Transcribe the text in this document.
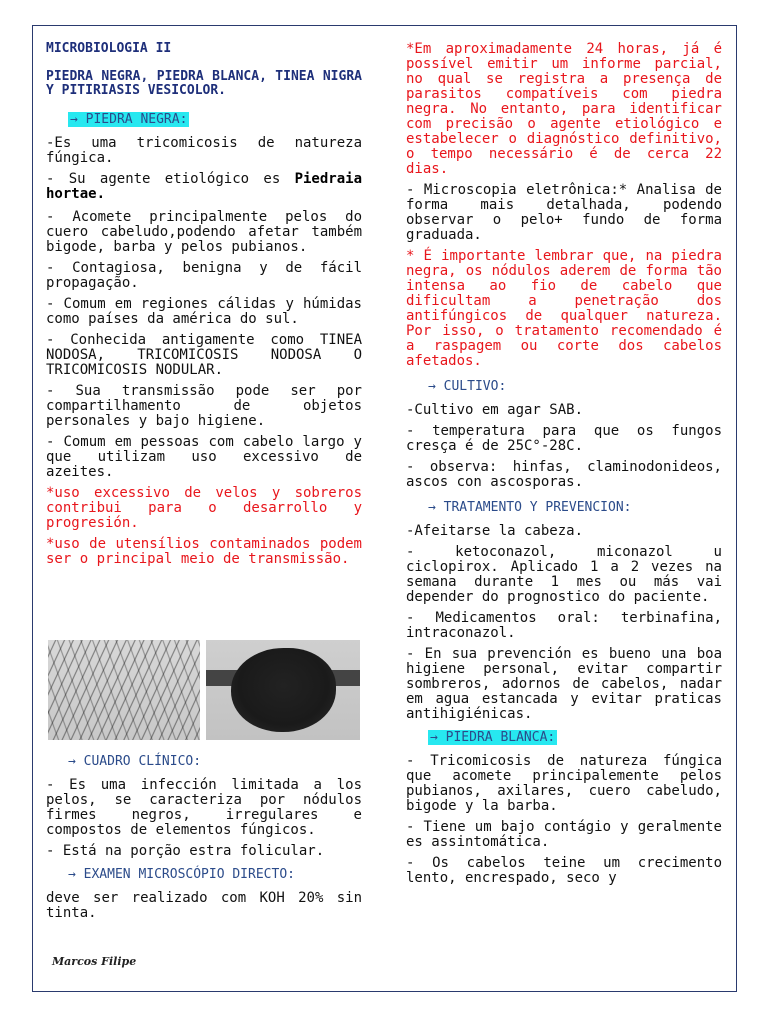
MICROBIOLOGIA II

PIEDRA NEGRA, PIEDRA BLANCA, TINEA NIGRA Y PITIRIASIS VESICOLOR.

→ PIEDRA NEGRA:

-Es uma tricomicosis de natureza fúngica.

- Su agente etiológico es Piedraia hortae.

- Acomete principalmente pelos do cuero cabeludo,podendo afetar também bigode, barba y pelos pubianos.

- Contagiosa, benigna y de fácil propagação.

- Comum em regiones cálidas y húmidas como países da américa do sul.

- Conhecida antigamente como TINEA NODOSA, TRICOMICOSIS NODOSA O TRICOMICOSIS NODULAR.

- Sua transmissão pode ser por compartilhamento de objetos personales y bajo higiene.

- Comum em pessoas com cabelo largo y que utilizam uso excessivo de azeites.

*uso excessivo de velos y sobreros contribui para o desarrollo y progresión.

*uso de utensílios contaminados podem ser o principal meio de transmissão.

→ CUADRO CLÍNICO:

- Es uma infección limitada a los pelos, se caracteriza por nódulos firmes negros, irregulares e compostos de elementos fúngicos.

- Está na porção estra folicular.

→ EXAMEN MICROSCÓPIO DIRECTO:

deve ser realizado com KOH 20% sin tinta.

*Em aproximadamente 24 horas, já é possível emitir um informe parcial, no qual se registra a presença de parasitos compatíveis com piedra negra. No entanto, para identificar com precisão o agente etiológico e estabelecer o diagnóstico definitivo, o tempo necessário é de cerca 22 dias.

- Microscopia eletrônica:* Analisa de forma mais detalhada, podendo observar o pelo+ fundo de forma graduada.

* É importante lembrar que, na piedra negra, os nódulos aderem de forma tão intensa ao fio de cabelo que dificultam a penetração dos antifúngicos de qualquer natureza. Por isso, o tratamento recomendado é a raspagem ou corte dos cabelos afetados.

→ CULTIVO:

-Cultivo em agar SAB.

- temperatura para que os fungos cresça é de 25C°-28C.

- observa: hinfas, claminodonideos, ascos con ascosporas.

→ TRATAMENTO Y PREVENCION:

-Afeitarse la cabeza.

- ketoconazol, miconazol u ciclopirox. Aplicado 1 a 2 vezes na semana durante 1 mes ou más vai depender do prognostico do paciente.

- Medicamentos oral: terbinafina, intraconazol.

- En sua prevención es bueno una boa higiene personal, evitar compartir sombreros, adornos de cabelos, nadar em agua estancada y evitar praticas antihigiénicas.

→ PIEDRA BLANCA:

- Tricomicosis de natureza fúngica que acomete principalemente pelos pubianos, axilares, cuero cabeludo, bigode y la barba.

- Tiene um bajo contágio y geralmente es assintomática.

- Os cabelos teine um crecimento lento, encrespado, seco y

Marcos Filipe
